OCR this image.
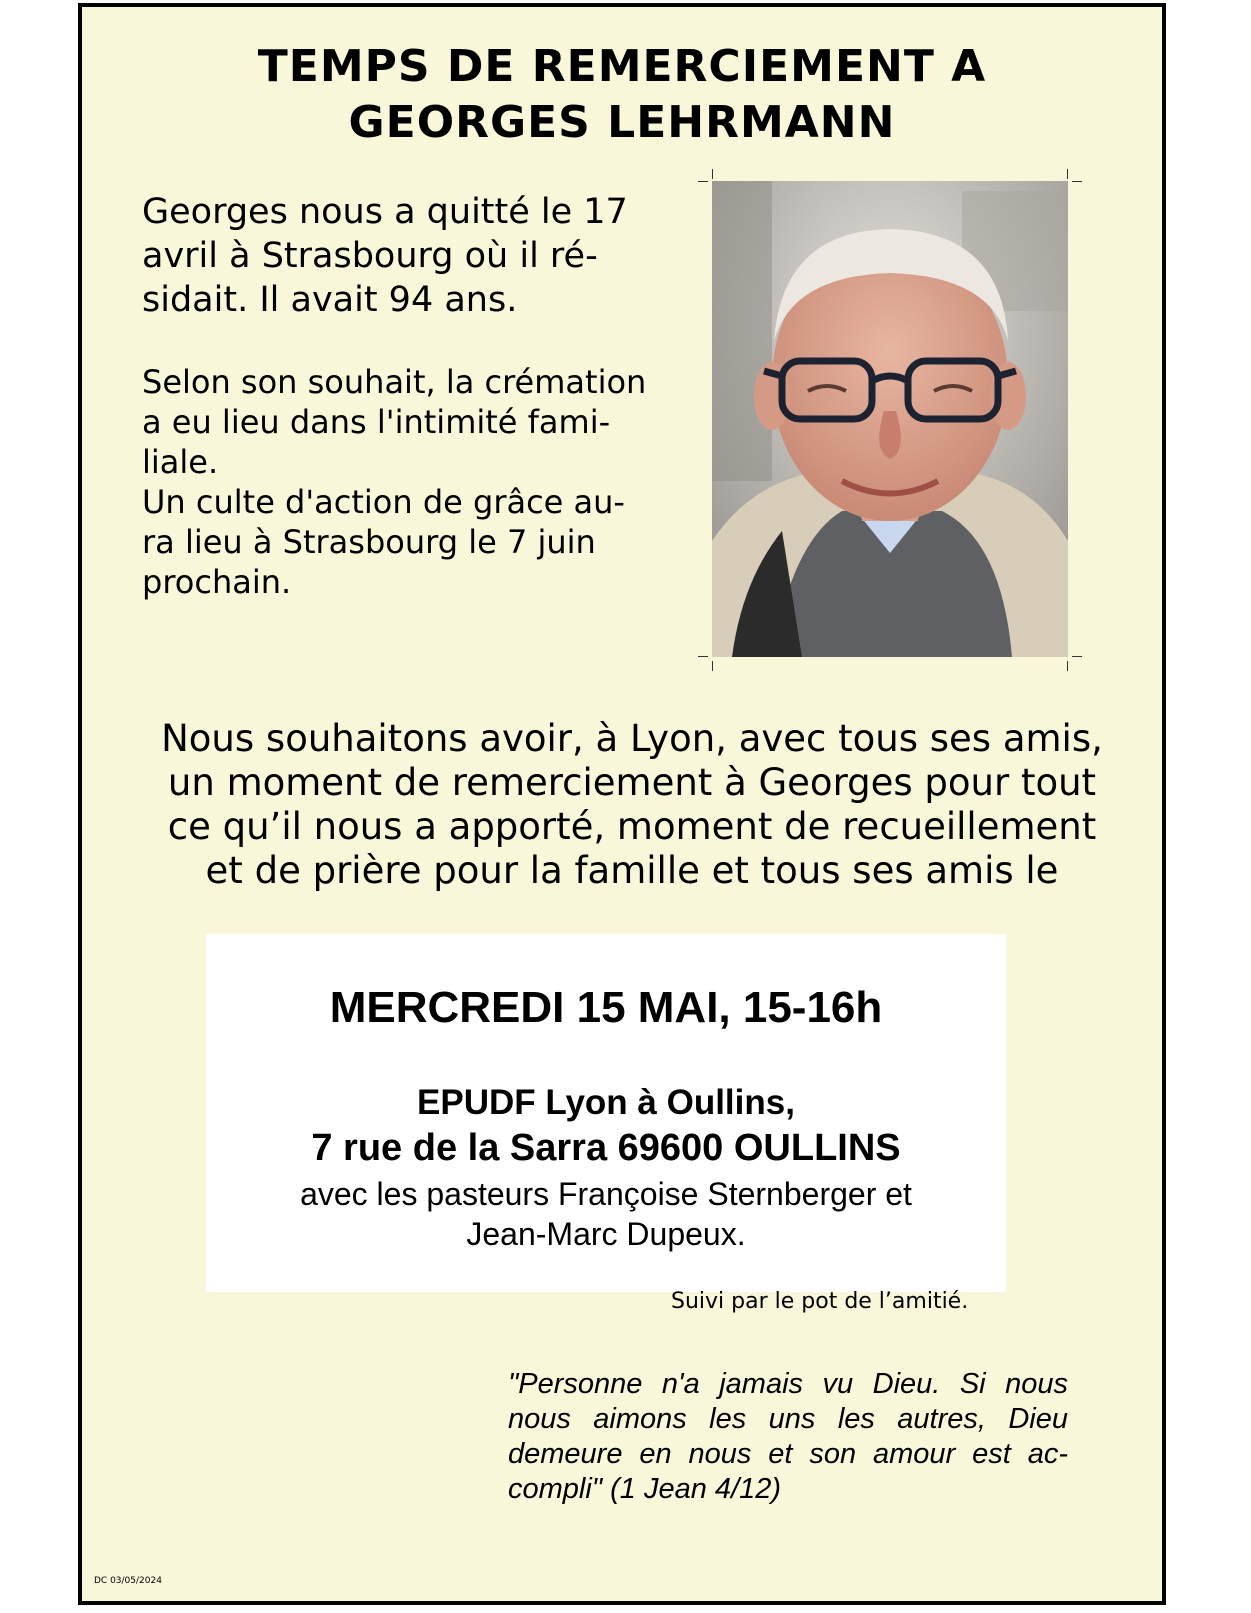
TEMPS DE REMERCIEMENT A
GEORGES LEHRMANN

Georges nous a quitté le 17
avril à Strasbourg où il ré-
sidait. Il avait 94 ans.

Selon son souhait, la crémation
a eu lieu dans l'intimité fami-
liale.
Un culte d'action de grâce au-
ra lieu à Strasbourg le 7 juin
prochain.

Nous souhaitons avoir, à Lyon, avec tous ses amis,
un moment de remerciement à Georges pour tout
ce qu’il nous a apporté, moment de recueillement
et de prière pour la famille et tous ses amis le

MERCREDI 15 MAI, 15-16h

EPUDF Lyon à Oullins,

7 rue de la Sarra 69600 OULLINS

avec les pasteurs Françoise Sternberger et
Jean-Marc Dupeux.

Suivi par le pot de l’amitié.

"Personne n'a jamais vu Dieu. Si nous
nous aimons les uns les autres, Dieu
demeure en nous et son amour est ac-
compli" (1 Jean 4/12)

DC 03/05/2024
